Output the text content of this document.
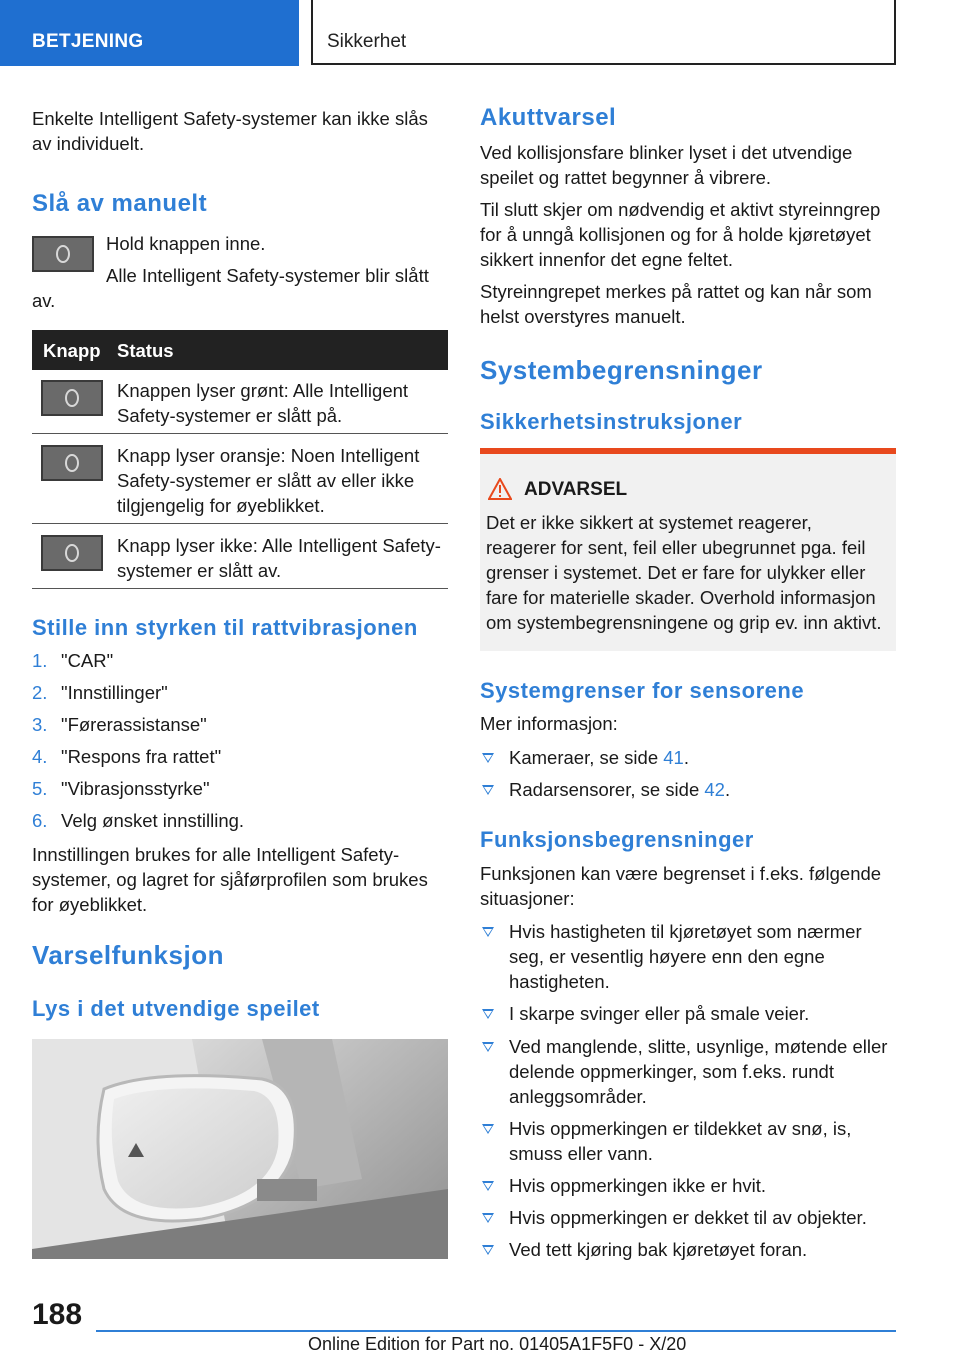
BETJENING	Sikkerhet

Enkelte Intelligent Safety-systemer kan ikke slås av individuelt.

Slå av manuelt

Hold knappen inne.

Alle Intelligent Safety-systemer blir slått av.

Knapp Status

Knappen lyser grønt: Alle Intelligent Safety-systemer er slått på.

Knapp lyser oransje: Noen Intelligent Safety-systemer er slått av eller ikke tilgjengelig for øyeblikket.

Knapp lyser ikke: Alle Intelligent Safety-systemer er slått av.

Stille inn styrken til rattvibrasjonen
1. "CAR"
2. "Innstillinger"
3. "Førerassistanse"
4. "Respons fra rattet"
5. "Vibrasjonsstyrke"
6. Velg ønsket innstilling.

Innstillingen brukes for alle Intelligent Safety-systemer, og lagret for sjåførprofilen som brukes for øyeblikket.

Varselfunksjon
Lys i det utvendige speilet
Akuttvarsel

Ved kollisjonsfare blinker lyset i det utvendige speilet og rattet begynner å vibrere.

Til slutt skjer om nødvendig et aktivt styreinngrep for å unngå kollisjonen og for å holde kjøretøyet sikkert innenfor det egne feltet.

Styreinngrepet merkes på rattet og kan når som helst overstyres manuelt.

Systembegrensninger
Sikkerhetsinstruksjoner
ADVARSEL

Det er ikke sikkert at systemet reagerer, reagerer for sent, feil eller ubegrunnet pga. feil grenser i systemet. Det er fare for ulykker eller fare for materielle skader. Overhold informasjon om systembegrensningene og grip ev. inn aktivt.

Systemgrenser for sensorene

Mer informasjon:

Kameraer, se side 41.
Radarsensorer, se side 42.
Funksjonsbegrensninger

Funksjonen kan være begrenset i f.eks. følgende situasjoner:

Hvis hastigheten til kjøretøyet som nærmer seg, er vesentlig høyere enn den egne hastigheten.
I skarpe svinger eller på smale veier.
Ved manglende, slitte, usynlige, møtende eller delende oppmerkinger, som f.eks. rundt anleggsområder.
Hvis oppmerkingen er tildekket av snø, is, smuss eller vann.
Hvis oppmerkingen ikke er hvit.
Hvis oppmerkingen er dekket til av objekter.
Ved tett kjøring bak kjøretøyet foran.
188
Online Edition for Part no. 01405A1F5F0 - X/20
